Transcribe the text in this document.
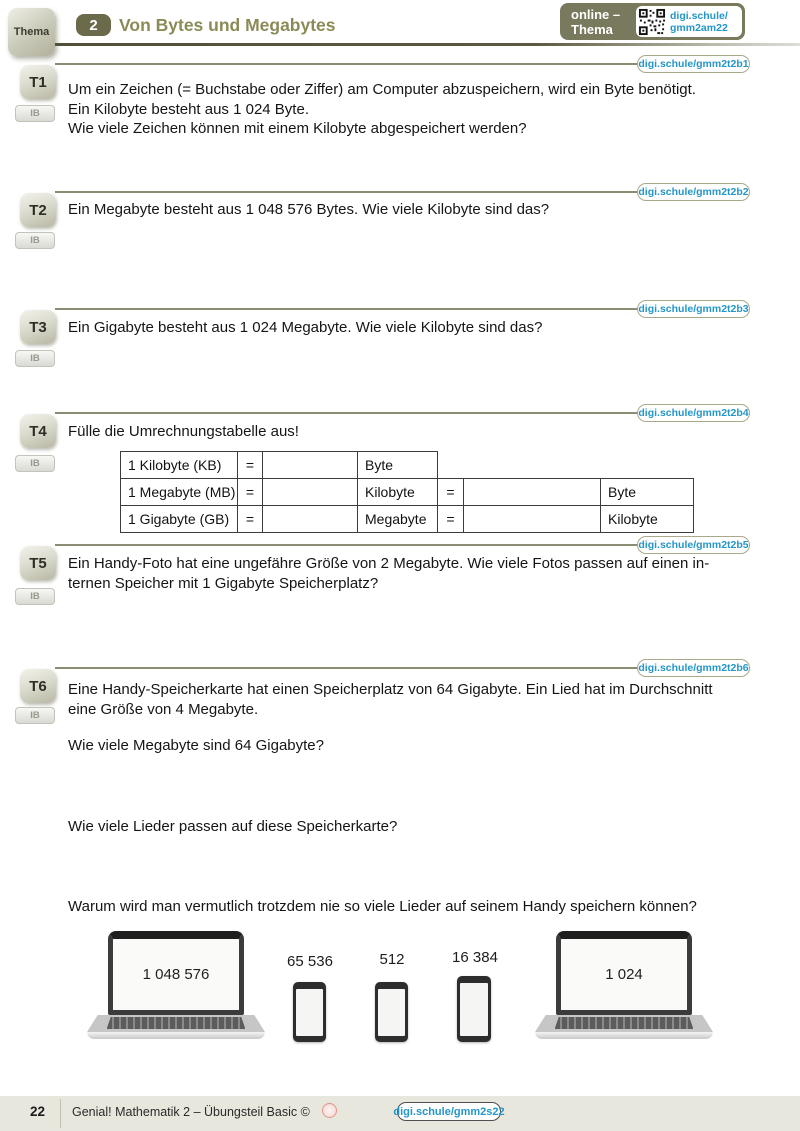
Thema	2	Von Bytes und Megabytes
online –
Thema
digi.schule/
gmm2am22
digi.schule/gmm2t2b1
T1
IB
Um ein Zeichen (= Buchstabe oder Ziffer) am Computer abzuspeichern, wird ein Byte benötigt.
Ein Kilobyte besteht aus 1 024 Byte.
Wie viele Zeichen können mit einem Kilobyte abgespeichert werden?
digi.schule/gmm2t2b2
T2
IB
Ein Megabyte besteht aus 1 048 576 Bytes. Wie viele Kilobyte sind das?
digi.schule/gmm2t2b3
T3
IB
Ein Gigabyte besteht aus 1 024 Megabyte. Wie viele Kilobyte sind das?
digi.schule/gmm2t2b4
T4
IB
Fülle die Umrechnungstabelle aus!
1 Kilobyte (KB)	=		Byte			
1 Megabyte (MB)	=		Kilobyte	=		Byte
1 Gigabyte (GB)	=		Megabyte	=		Kilobyte
digi.schule/gmm2t2b5
T5
IB
Ein Handy-Foto hat eine ungefähre Größe von 2 Megabyte. Wie viele Fotos passen auf einen in-
ternen Speicher mit 1 Gigabyte Speicherplatz?
digi.schule/gmm2t2b6
T6
IB
Eine Handy-Speicherkarte hat einen Speicherplatz von 64 Gigabyte. Ein Lied hat im Durchschnitt
eine Größe von 4 Megabyte.
Wie viele Megabyte sind 64 Gigabyte?
Wie viele Lieder passen auf diese Speicherkarte?
Warum wird man vermutlich trotzdem nie so viele Lieder auf seinem Handy speichern können?
1 048 576
65 536	512	16 384
1 024
22 Genial! Mathematik 2 – Übungsteil Basic ©	digi.schule/gmm2s22
